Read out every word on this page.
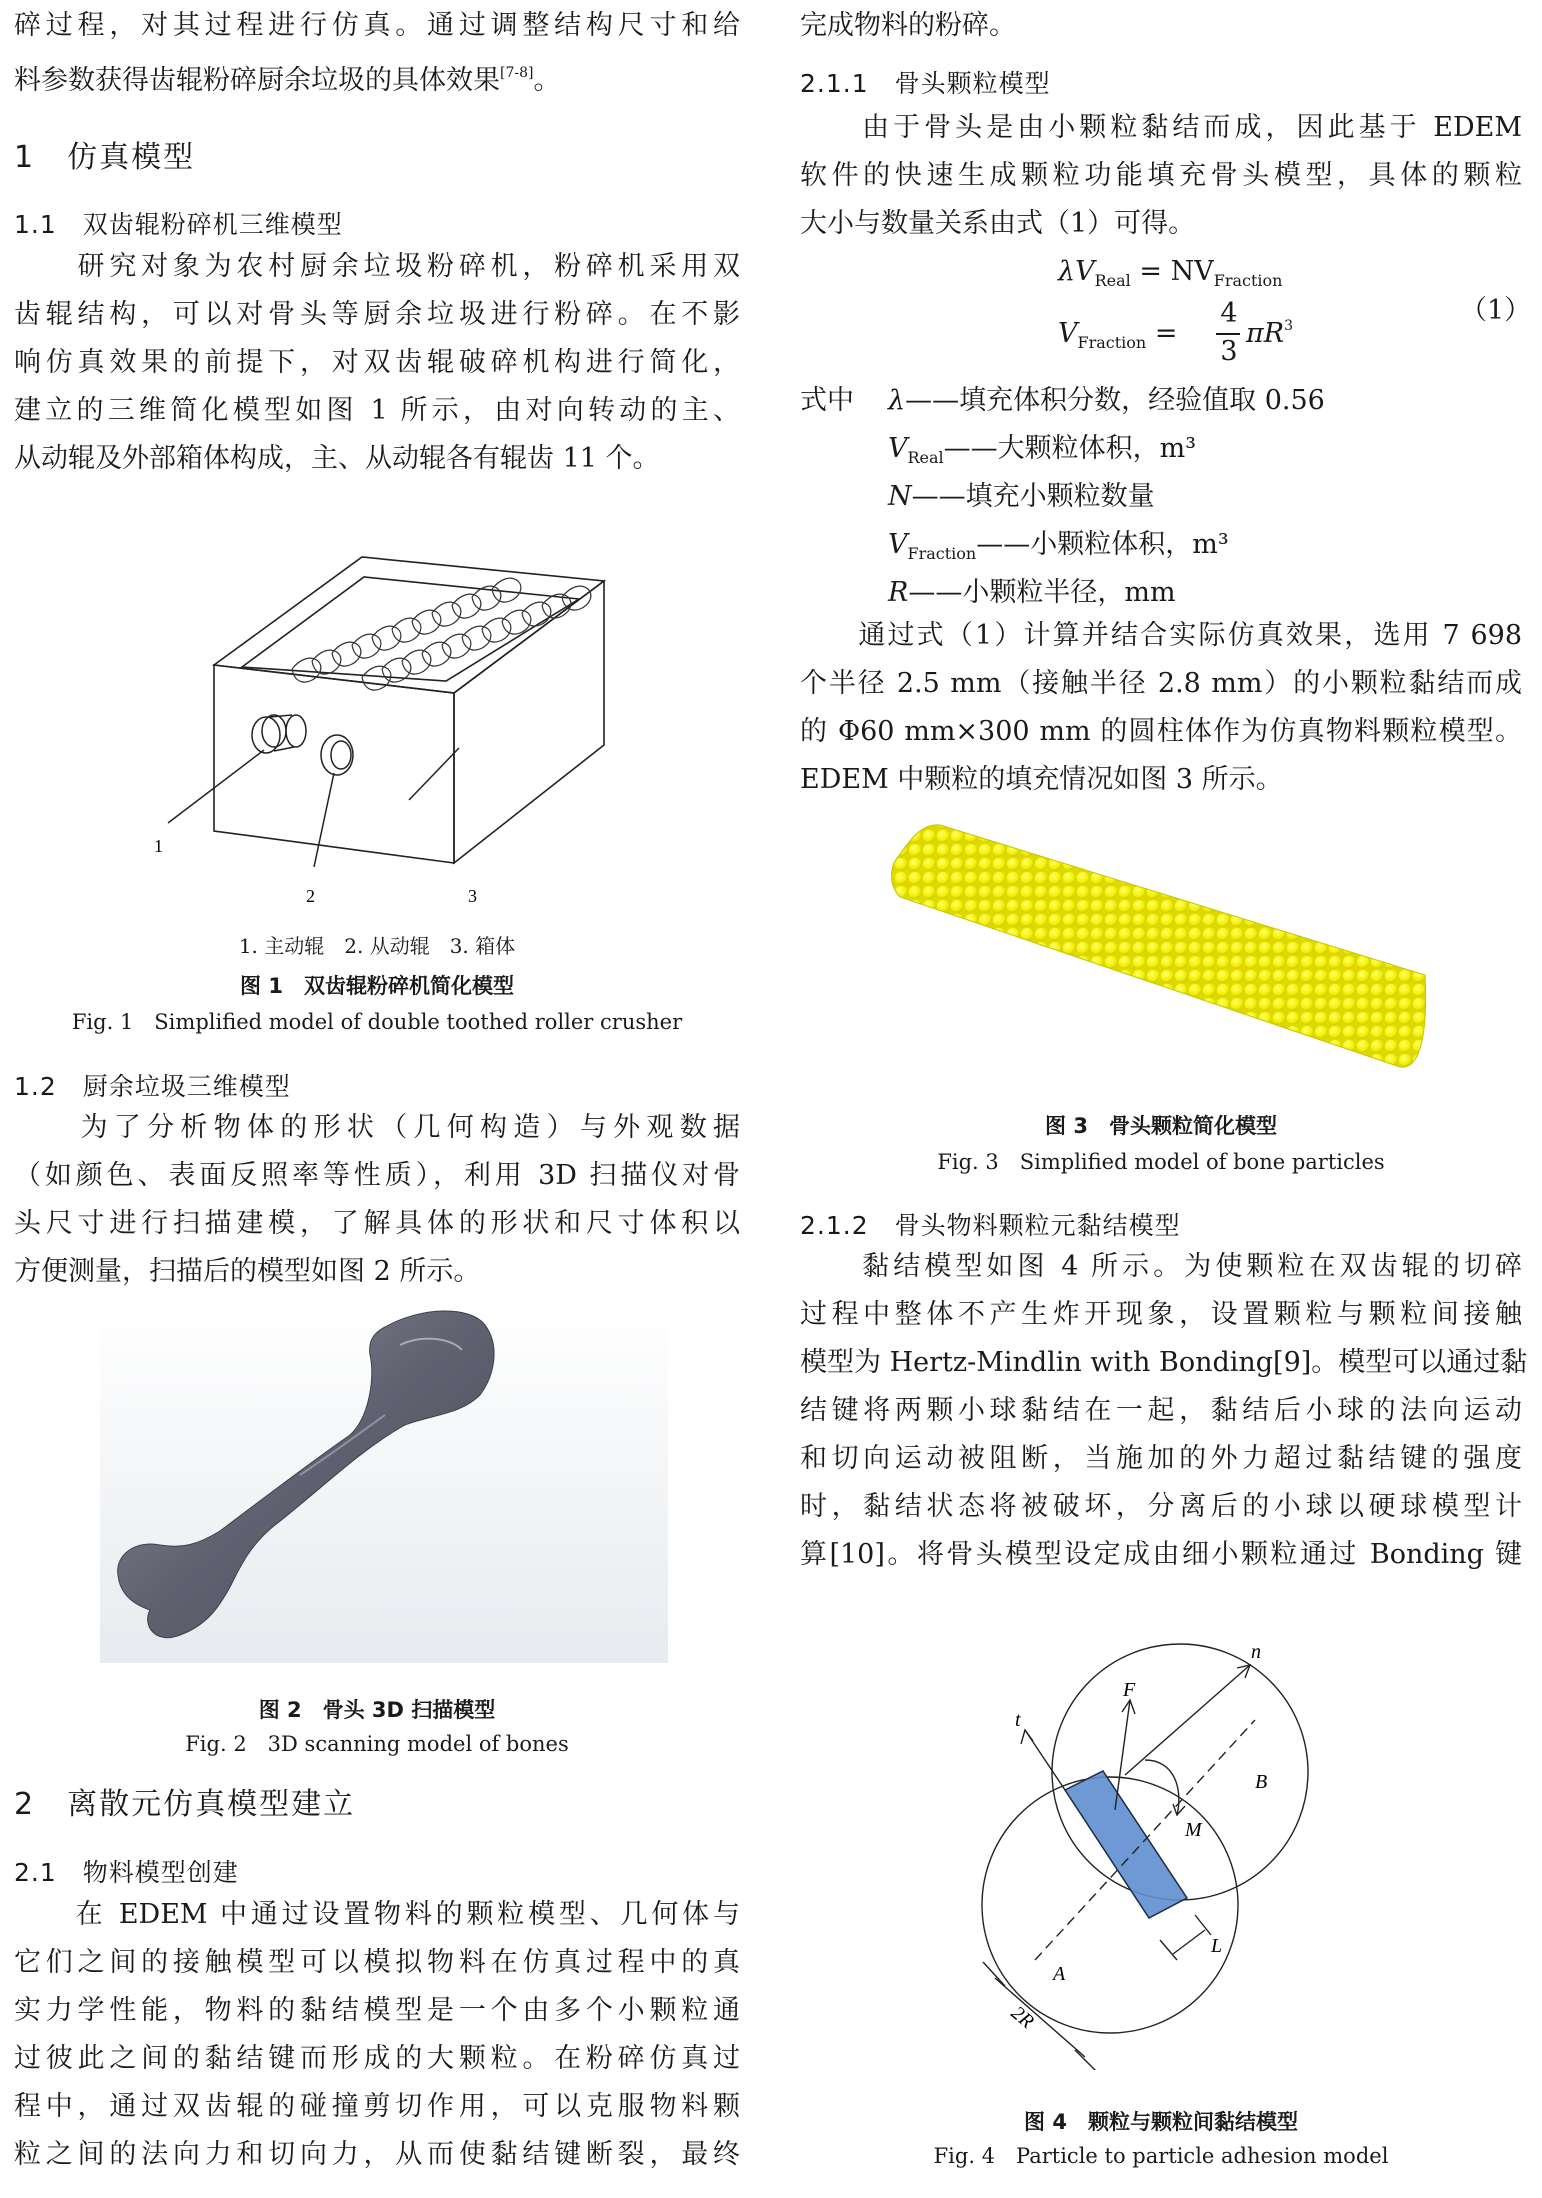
碎过程，对其过程进行仿真。通过调整结构尺寸和给
料参数获得齿辊粉碎厨余垃圾的具体效果[7-8]。
1　仿真模型
1.1　双齿辊粉碎机三维模型
　　研究对象为农村厨余垃圾粉碎机，粉碎机采用双
齿辊结构，可以对骨头等厨余垃圾进行粉碎。在不影
响仿真效果的前提下，对双齿辊破碎机构进行简化，
建立的三维简化模型如图 1 所示，由对向转动的主、
从动辊及外部箱体构成，主、从动辊各有辊齿 11 个。
1
2	3
1. 主动辊　2. 从动辊　3. 箱体
图 1　双齿辊粉碎机简化模型
Fig. 1　Simplified model of double toothed roller crusher
1.2　厨余垃圾三维模型
　　为了分析物体的形状（几何构造）与外观数据
（如颜色、表面反照率等性质），利用 3D 扫描仪对骨
头尺寸进行扫描建模，了解具体的形状和尺寸体积以
方便测量，扫描后的模型如图 2 所示。
图 2　骨头 3D 扫描模型
Fig. 2　3D scanning model of bones
2　离散元仿真模型建立
2.1　物料模型创建
　　在 EDEM 中通过设置物料的颗粒模型、几何体与
它们之间的接触模型可以模拟物料在仿真过程中的真
实力学性能，物料的黏结模型是一个由多个小颗粒通
过彼此之间的黏结键而形成的大颗粒。在粉碎仿真过
程中，通过双齿辊的碰撞剪切作用，可以克服物料颗
粒之间的法向力和切向力，从而使黏结键断裂，最终
完成物料的粉碎。
2.1.1　骨头颗粒模型
　　由于骨头是由小颗粒黏结而成，因此基于 EDEM
软件的快速生成颗粒功能填充骨头模型，具体的颗粒
大小与数量关系由式（1）可得。
$\lambda V_{Real} = NV_{Fraction}$
$V_{Fraction}$ =
4
3
$\pi R^3$	（1）
式中 λ——填充体积分数，经验值取 0.56
$V_{Real}——$大颗粒体积，m³
N——填充小颗粒数量
$V_{Fraction}——$小颗粒体积，m³
R——小颗粒半径，mm
　　通过式（1）计算并结合实际仿真效果，选用 7 698
个半径 2.5 mm（接触半径 2.8 mm）的小颗粒黏结而成
的 Φ60 mm×300 mm 的圆柱体作为仿真物料颗粒模型。
EDEM 中颗粒的填充情况如图 3 所示。
图 3　骨头颗粒简化模型
Fig. 3　Simplified model of bone particles
2.1.2　骨头物料颗粒元黏结模型
　　黏结模型如图 4 所示。为使颗粒在双齿辊的切碎
过程中整体不产生炸开现象，设置颗粒与颗粒间接触
模型为 Hertz-Mindlin with Bonding[9]。模型可以通过黏
结键将两颗小球黏结在一起，黏结后小球的法向运动
和切向运动被阻断，当施加的外力超过黏结键的强度
时，黏结状态将被破坏，分离后的小球以硬球模型计
算[10]。将骨头模型设定成由细小颗粒通过 Bonding 键
t
F
n
B
M
A
L
2R
图 4　颗粒与颗粒间黏结模型
Fig. 4　Particle to particle adhesion model
